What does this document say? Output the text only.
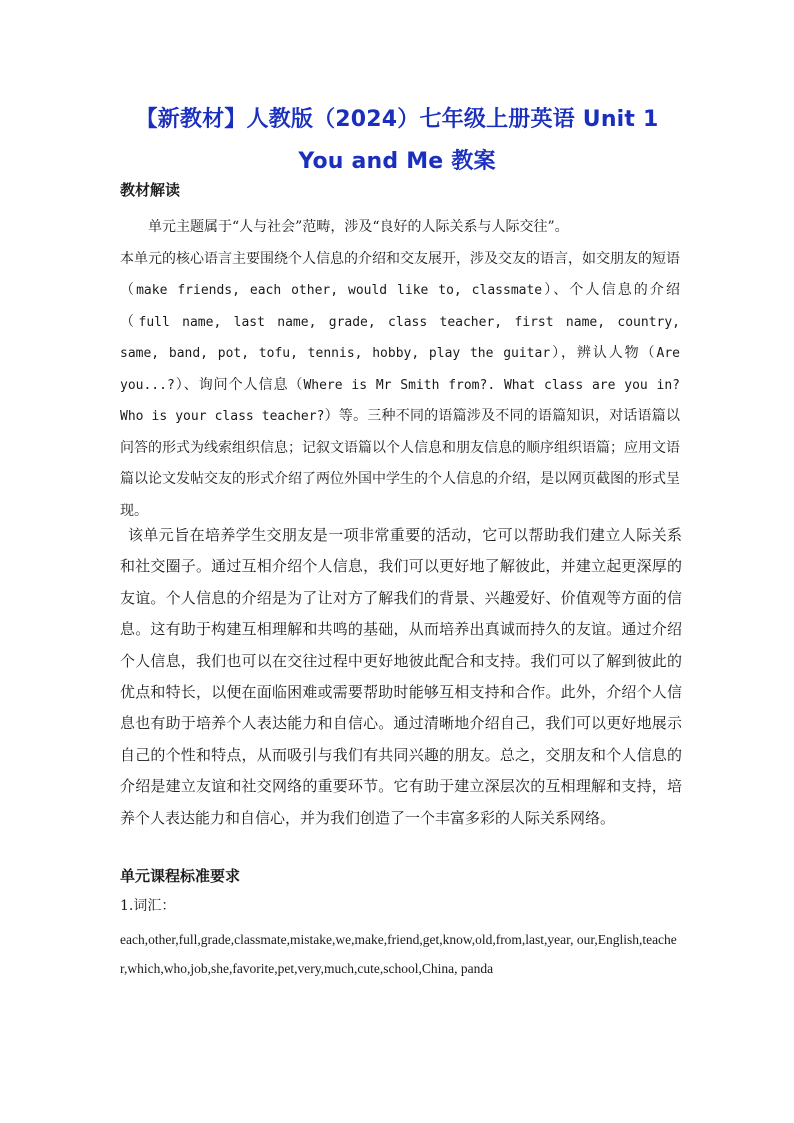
【新教材】人教版（2024）七年级上册英语 Unit 1
You and Me 教案
教材解读

单元主题属于“人与社会”范畴，涉及“良好的人际关系与人际交往”。
本单元的核心语言主要围绕个人信息的介绍和交友展开，涉及交友的语言，如交朋友的短语（make friends, each other, would like to, classmate）、个人信息的介绍（full name, last name, grade, class teacher, first name, country, same, band, pot, tofu, tennis, hobby, play the guitar），辨认人物（Are you...?）、询问个人信息（Where is Mr Smith from?. What class are you in? Who is your class teacher?）等。三种不同的语篇涉及不同的语篇知识，对话语篇以问答的形式为线索组织信息；记叙文语篇以个人信息和朋友信息的顺序组织语篇；应用文语篇以论文发帖交友的形式介绍了两位外国中学生的个人信息的介绍，是以网页截图的形式呈现。

该单元旨在培养学生交朋友是一项非常重要的活动，它可以帮助我们建立人际关系和社交圈子。通过互相介绍个人信息，我们可以更好地了解彼此，并建立起更深厚的友谊。个人信息的介绍是为了让对方了解我们的背景、兴趣爱好、价值观等方面的信息。这有助于构建互相理解和共鸣的基础，从而培养出真诚而持久的友谊。通过介绍个人信息，我们也可以在交往过程中更好地彼此配合和支持。我们可以了解到彼此的优点和特长，以便在面临困难或需要帮助时能够互相支持和合作。此外，介绍个人信息也有助于培养个人表达能力和自信心。通过清晰地介绍自己，我们可以更好地展示自己的个性和特点，从而吸引与我们有共同兴趣的朋友。总之，交朋友和个人信息的介绍是建立友谊和社交网络的重要环节。它有助于建立深层次的互相理解和支持，培养个人表达能力和自信心，并为我们创造了一个丰富多彩的人际关系网络。

单元课程标准要求

1.词汇：

each,other,full,grade,classmate,mistake,we,make,friend,get,know,old,from,last,year, our,English,teacher,which,who,job,she,favorite,pet,very,much,cute,school,China, panda
